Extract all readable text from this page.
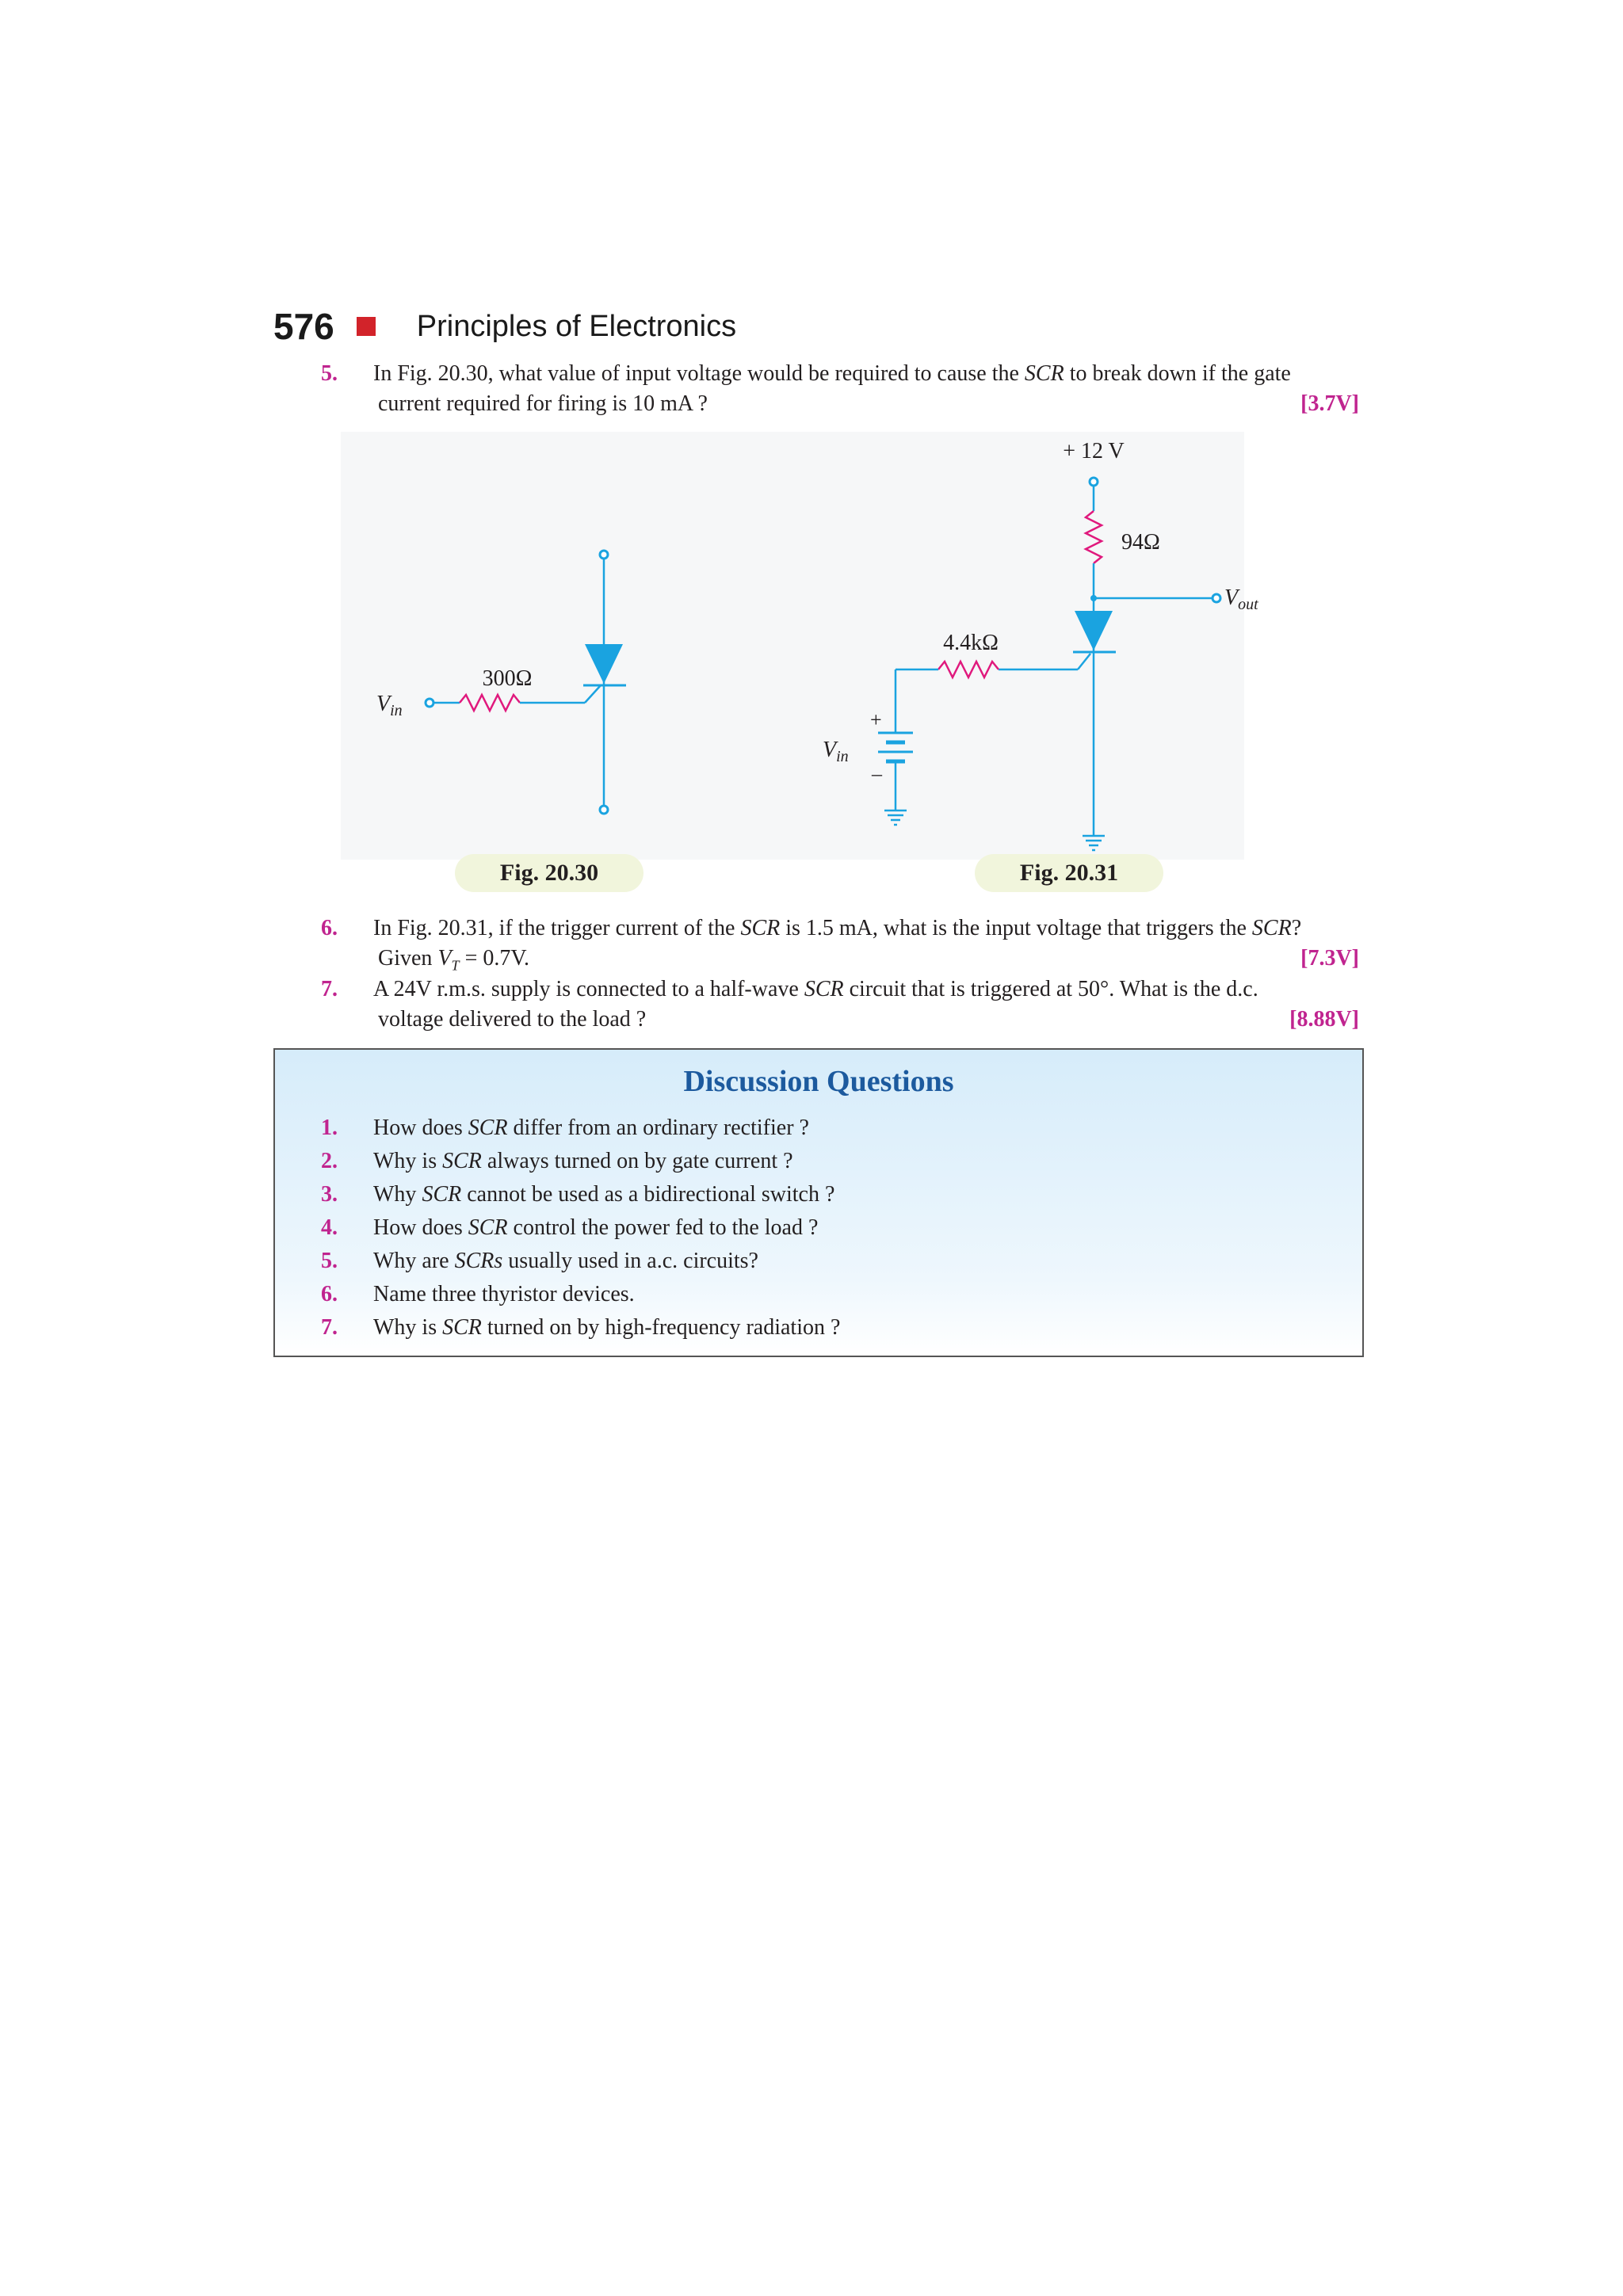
576	Principles of Electronics
5. In Fig. 20.30, what value of input voltage would be required to cause the SCR to break down if the gate
current required for firing is 10 mA ?	[3.7V]
300Ω
$V_{in}$
+ 12 V
94Ω
$V_{out}$
4.4kΩ
+
–
$V_{in}$
Fig. 20.30	Fig. 20.31
6. In Fig. 20.31, if the trigger current of the SCR is 1.5 mA, what is the input voltage that triggers the SCR?
Given $V_T = 0.7V$.	[7.3V]
7. A 24V r.m.s. supply is connected to a half-wave SCR circuit that is triggered at 50°. What is the d.c.
voltage delivered to the load ?	[8.88V]
Discussion Questions
1. How does SCR differ from an ordinary rectifier ?
2. Why is SCR always turned on by gate current ?
3. Why SCR cannot be used as a bidirectional switch ?
4. How does SCR control the power fed to the load ?
5. Why are SCRs usually used in a.c. circuits?
6. Name three thyristor devices.
7. Why is SCR turned on by high-frequency radiation ?
